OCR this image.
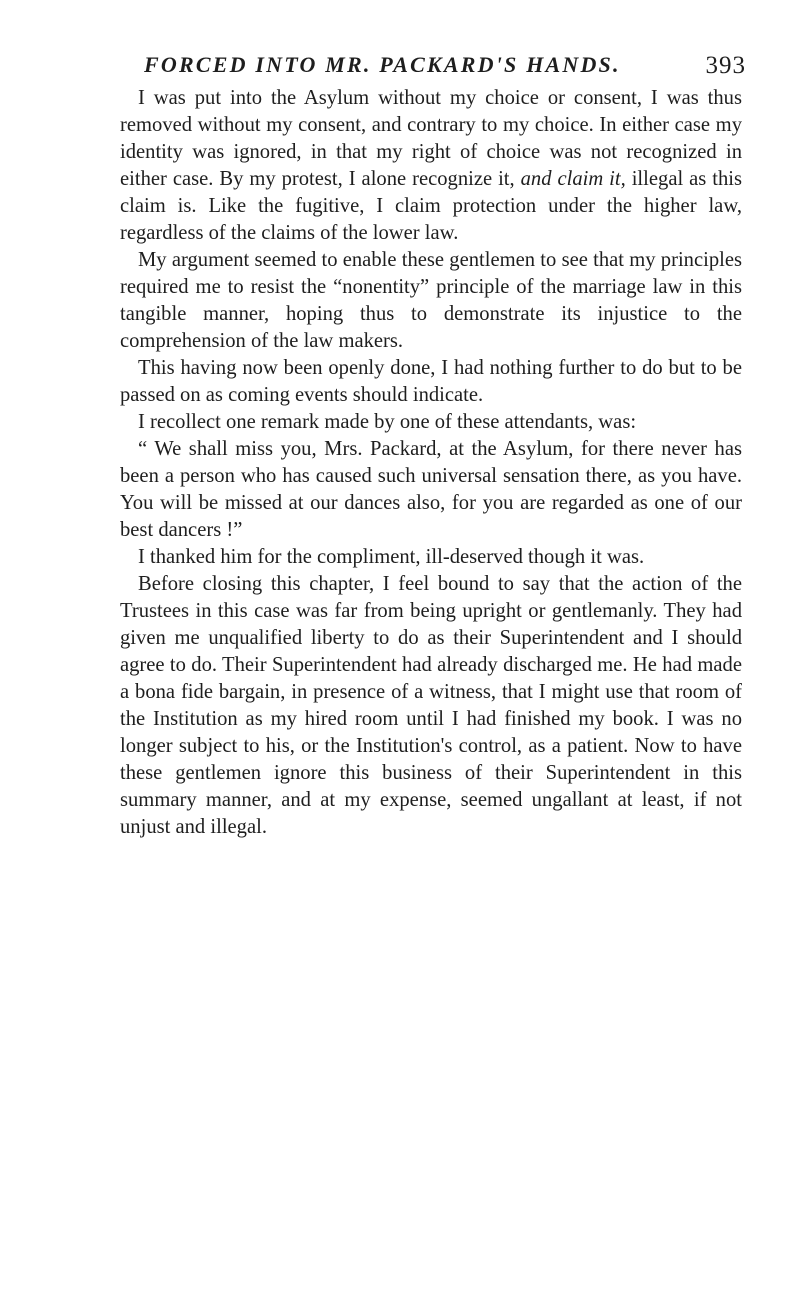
FORCED INTO MR. PACKARD'S HANDS.	393

I was put into the Asylum without my choice or consent, I was thus removed without my consent, and contrary to my choice. In either case my identity was ignored, in that my right of choice was not recognized in either case. By my protest, I alone recognize it, and claim it, illegal as this claim is. Like the fugitive, I claim protection under the higher law, regardless of the claims of the lower law.

My argument seemed to enable these gentlemen to see that my principles required me to resist the “nonentity” principle of the marriage law in this tangible manner, hoping thus to demonstrate its injustice to the comprehension of the law makers.

This having now been openly done, I had nothing further to do but to be passed on as coming events should indicate.

I recollect one remark made by one of these attendants, was:

“ We shall miss you, Mrs. Packard, at the Asylum, for there never has been a person who has caused such universal sensation there, as you have. You will be missed at our dances also, for you are regarded as one of our best dancers !”

I thanked him for the compliment, ill-deserved though it was.

Before closing this chapter, I feel bound to say that the action of the Trustees in this case was far from being upright or gentlemanly. They had given me unqualified liberty to do as their Superintendent and I should agree to do. Their Superintendent had already discharged me. He had made a bona fide bargain, in presence of a witness, that I might use that room of the Institution as my hired room until I had finished my book. I was no longer subject to his, or the Institution's control, as a patient. Now to have these gentlemen ignore this business of their Superintendent in this summary manner, and at my expense, seemed ungallant at least, if not unjust and illegal.
